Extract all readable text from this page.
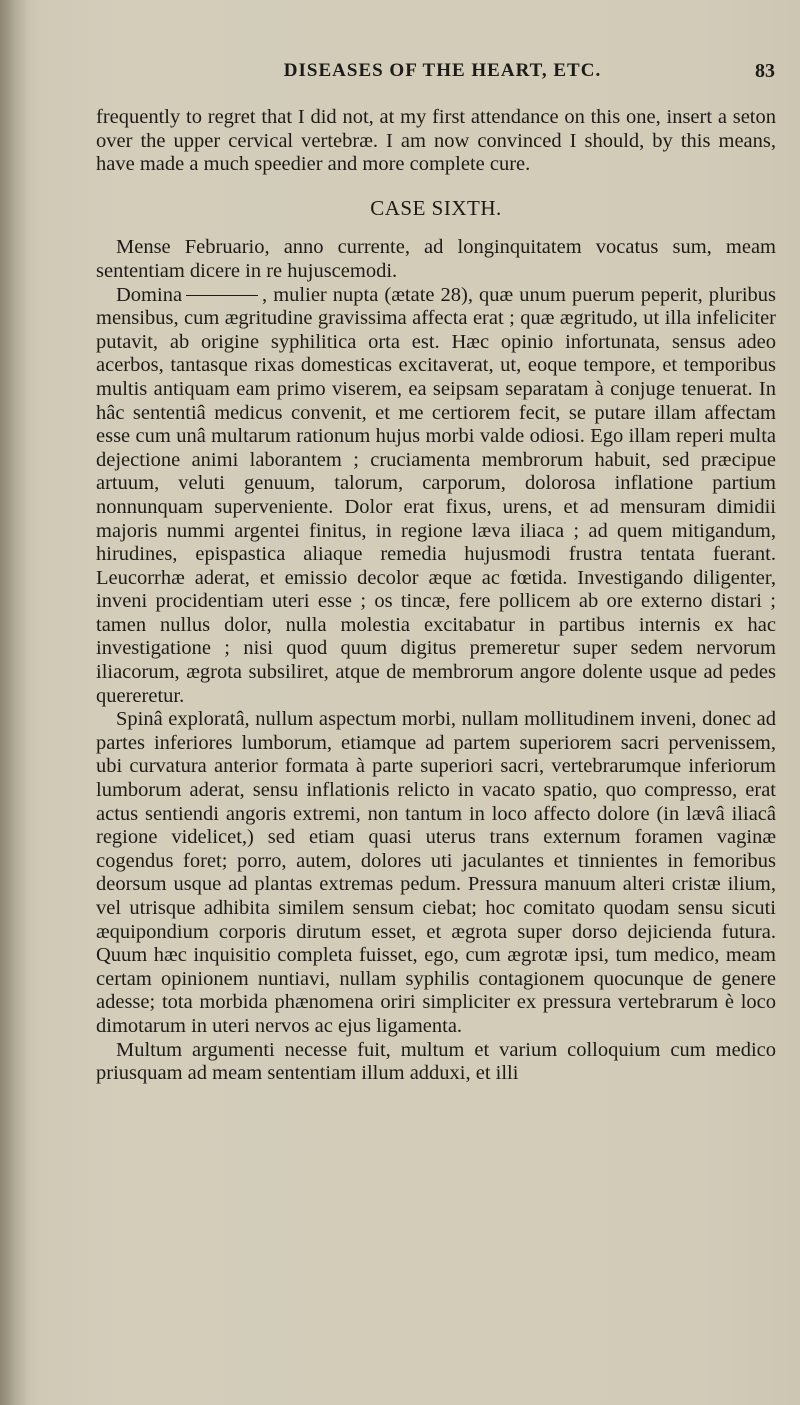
DISEASES OF THE HEART, ETC.	83

frequently to regret that I did not, at my first attendance on this one, insert a seton over the upper cervical vertebræ. I am now convinced I should, by this means, have made a much speedier and more complete cure.

CASE SIXTH.

Mense Februario, anno currente, ad longinquitatem vocatus sum, meam sententiam dicere in re hujuscemodi.

Domina	, mulier nupta (ætate 28), quæ unum puerum peperit, pluribus mensibus, cum ægritudine gravissima affecta erat ; quæ ægritudo, ut illa infeliciter putavit, ab origine syphilitica orta est. Hæc opinio infortunata, sensus adeo acerbos, tantasque rixas domesticas excitaverat, ut, eoque tempore, et temporibus multis antiquam eam primo viserem, ea seipsam separatam à conjuge tenuerat. In hâc sententiâ medicus convenit, et me certiorem fecit, se putare illam affectam esse cum unâ multarum rationum hujus morbi valde odiosi. Ego illam reperi multa dejectione animi laborantem ; cruciamenta membrorum habuit, sed præcipue artuum, veluti genuum, talorum, carporum, dolorosa inflatione partium nonnunquam superveniente. Dolor erat fixus, urens, et ad mensuram dimidii majoris nummi argentei finitus, in regione læva iliaca ; ad quem mitigandum, hirudines, epispastica aliaque remedia hujusmodi frustra tentata fuerant. Leucorrhæ aderat, et emissio decolor æque ac fœtida. Investigando diligenter, inveni procidentiam uteri esse ; os tincæ, fere pollicem ab ore externo distari ; tamen nullus dolor, nulla molestia excitabatur in partibus internis ex hac investigatione ; nisi quod quum digitus premeretur super sedem nervorum iliacorum, ægrota subsiliret, atque de membrorum angore dolente usque ad pedes quereretur.

Spinâ exploratâ, nullum aspectum morbi, nullam mollitudinem inveni, donec ad partes inferiores lumborum, etiamque ad partem superiorem sacri pervenissem, ubi curvatura anterior formata à parte superiori sacri, vertebrarumque inferiorum lumborum aderat, sensu inflationis relicto in vacato spatio, quo compresso, erat actus sentiendi angoris extremi, non tantum in loco affecto dolore (in lævâ iliacâ regione videlicet,) sed etiam quasi uterus trans externum foramen vaginæ cogendus foret; porro, autem, dolores uti jaculantes et tinnientes in femoribus deorsum usque ad plantas extremas pedum. Pressura manuum alteri cristæ ilium, vel utrisque adhibita similem sensum ciebat; hoc comitato quodam sensu sicuti æquipondium corporis dirutum esset, et ægrota super dorso dejicienda futura. Quum hæc inquisitio completa fuisset, ego, cum ægrotæ ipsi, tum medico, meam certam opinionem nuntiavi, nullam syphilis contagionem quocunque de genere adesse; tota morbida phænomena oriri simpliciter ex pressura vertebrarum è loco dimotarum in uteri nervos ac ejus ligamenta.

Multum argumenti necesse fuit, multum et varium colloquium cum medico priusquam ad meam sententiam illum adduxi, et illi
